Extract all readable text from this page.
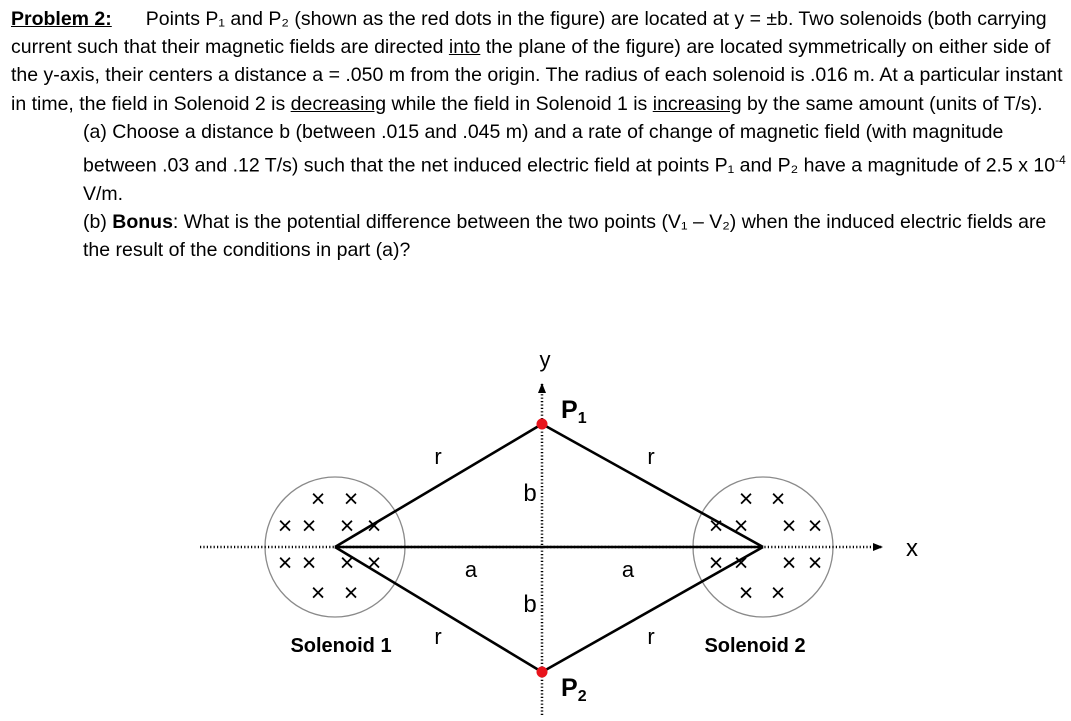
Problem 2: Points P₁ and P₂ (shown as the red dots in the figure) are located at y = ±b. Two solenoids (both carrying current such that their magnetic fields are directed into the plane of the figure) are located symmetrically on either side of the y-axis, their centers a distance a = .050 m from the origin. The radius of each solenoid is .016 m. At a particular instant in time, the field in Solenoid 2 is decreasing while the field in Solenoid 1 is increasing by the same amount (units of T/s).

(a) Choose a distance b (between .015 and .045 m) and a rate of change of magnetic field (with magnitude between .03 and .12 T/s) such that the net induced electric field at points P₁ and P₂ have a magnitude of 2.5 x $10^{-4}$ V/m.

(b) Bonus: What is the potential difference between the two points (V₁ – V₂) when the induced electric fields are the result of the conditions in part (a)?

× ×
× × × ×
× × × ×
× ×
× ×
× × × ×
× × × ×
× ×
y
x
$P_1$
$P_2$
r	r
r	r
a	a
b
b
Solenoid 1	Solenoid 2
